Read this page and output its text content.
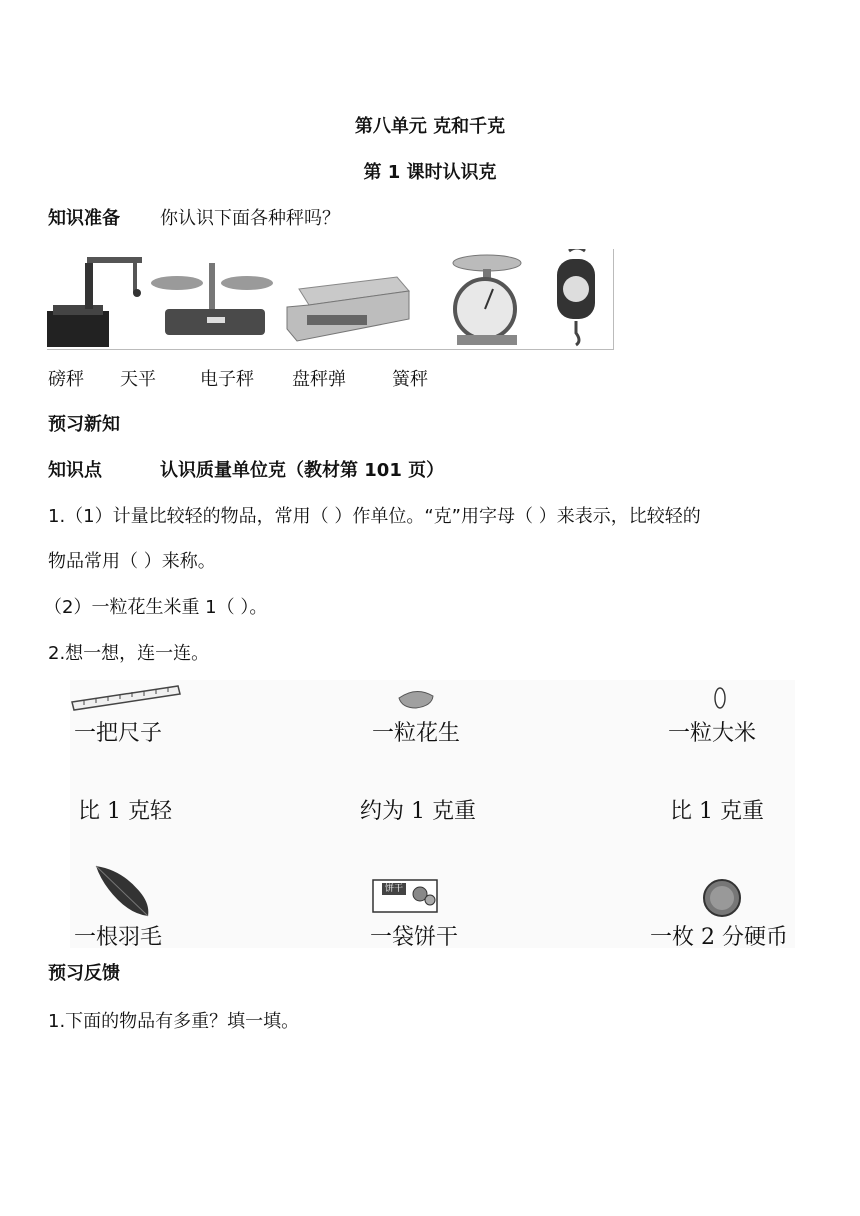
第八单元 克和千克
第 1 课时认识克
知识准备 你认识下面各种秤吗？
磅秤 天平 电子秤 盘秤弹	簧秤
预习新知
知识点	认识质量单位克（教材第 101 页）
1.（1）计量比较轻的物品，常用（ ）作单位。“克”用字母（ ）来表示，比较轻的
物品常用（ ）来称。
（2）一粒花生米重 1（ ）。
2.想一想，连一连。
一把尺子	一粒花生	一粒大米
比 1 克轻	约为 1 克重	比 1 克重
饼干
一根羽毛	一袋饼干	一枚 2 分硬币
预习反馈
1.下面的物品有多重？填一填。
